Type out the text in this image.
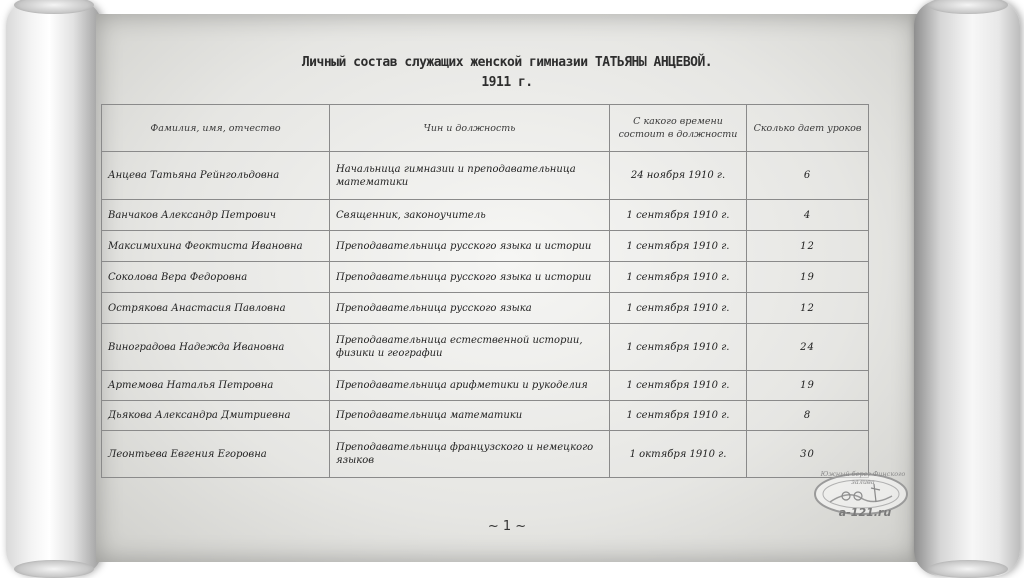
Личный состав служащих женской гимназии ТАТЬЯНЫ АНЦЕВОЙ.
1911 г.
Фамилия, имя, отчество	Чин и должность	С какого времени состоит в должности	Сколько дает уроков
Анцева Татьяна Рейнгольдовна	Начальница гимназии и преподавательница математики	24 ноября 1910 г.	6
Ванчаков Александр Петрович	Священник, законоучитель	1 сентября 1910 г.	4
Максимихина Феоктиста Ивановна	Преподавательница русского языка и истории	1 сентября 1910 г.	12
Соколова Вера Федоровна	Преподавательница русского языка и истории	1 сентября 1910 г.	19
Острякова Анастасия Павловна	Преподавательница русского языка	1 сентября 1910 г.	12
Виноградова Надежда Ивановна	Преподавательница естественной истории, физики и географии	1 сентября 1910 г.	24
Артемова Наталья Петровна	Преподавательница арифметики и рукоделия	1 сентября 1910 г.	19
Дьякова Александра Дмитриевна	Преподавательница математики	1 сентября 1910 г.	8
Леонтьева Евгения Егоровна	Преподавательница французского и немецкого языков	1 октября 1910 г.	30
~ 1 ~
Южный берег Финского залива
a-121.ru
